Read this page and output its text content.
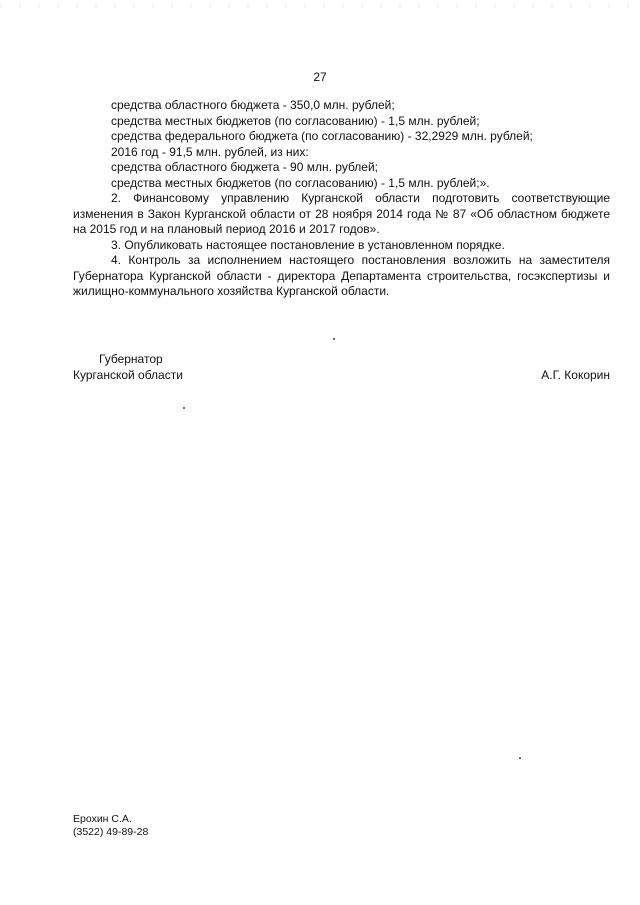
27

средства областного бюджета - 350,0 млн. рублей;

средства местных бюджетов (по согласованию) - 1,5 млн. рублей;

средства федерального бюджета (по согласованию) - 32,2929 млн. рублей;

2016 год - 91,5 млн. рублей, из них:

средства областного бюджета - 90 млн. рублей;

средства местных бюджетов (по согласованию) - 1,5 млн. рублей;».

2. Финансовому управлению Курганской области подготовить соответствующие изменения в Закон Курганской области от 28 ноября 2014 года № 87 «Об областном бюджете на 2015 год и на плановый период 2016 и 2017 годов».

3. Опубликовать настоящее постановление в установленном порядке.

4. Контроль за исполнением настоящего постановления возложить на заместителя Губернатора Курганской области - директора Департамента строительства, госэкспертизы и жилищно-коммунального хозяйства Курганской области.

Губернатор
Курганской области	А.Г. Кокорин
Ерохин С.А.
(3522) 49-89-28
